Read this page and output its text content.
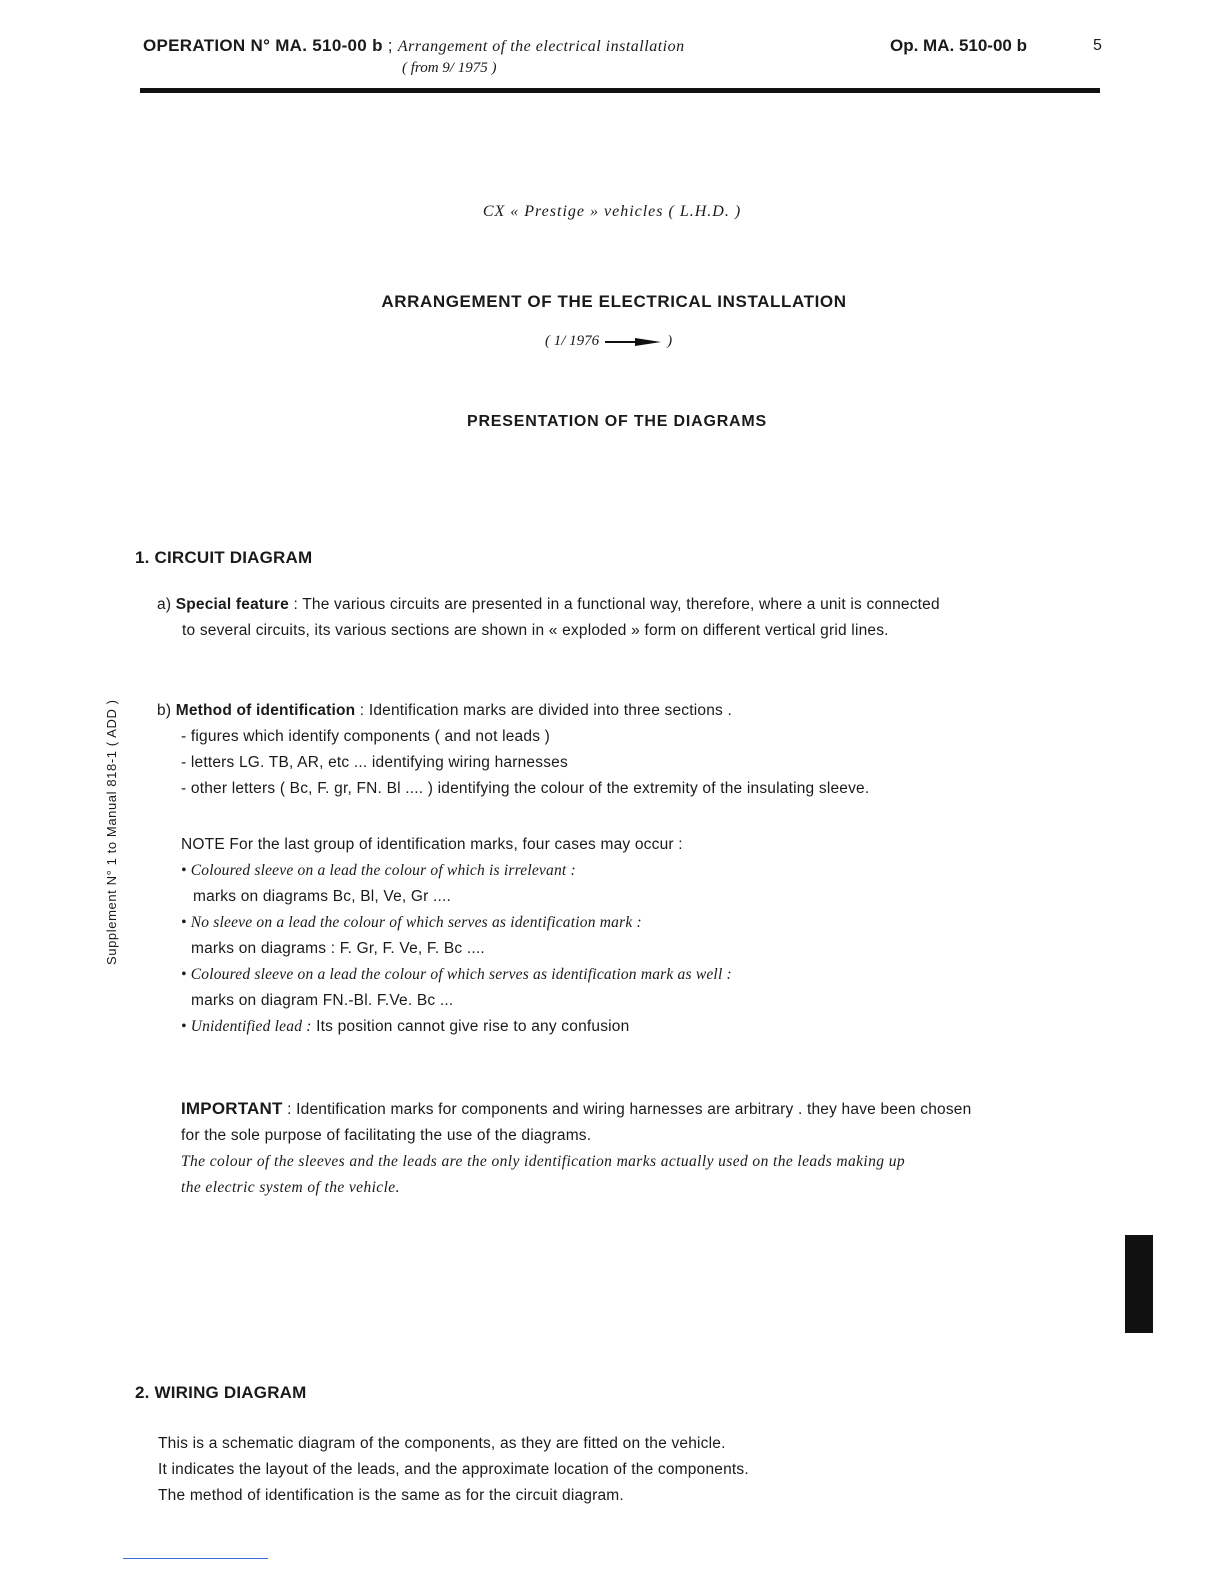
OPERATION N° MA. 510-00 b ; Arrangement of the electrical installation
( from 9/ 1975 )
Op. MA. 510-00 b	5
CX « Prestige » vehicles ( L.H.D. )
ARRANGEMENT OF THE ELECTRICAL INSTALLATION
( 1/ 1976	)
PRESENTATION OF THE DIAGRAMS
Supplement N° 1 to Manual 818-1 ( ADD )
1. CIRCUIT DIAGRAM
a) Special feature : The various circuits are presented in a functional way, therefore, where a unit is connected
to several circuits, its various sections are shown in « exploded » form on different vertical grid lines.
b) Method of identification : Identification marks are divided into three sections .
- figures which identify components ( and not leads )
- letters LG. TB, AR, etc ... identifying wiring harnesses
- other letters ( Bc, F. gr, FN. Bl .... ) identifying the colour of the extremity of the insulating sleeve.
NOTE For the last group of identification marks, four cases may occur :
• Coloured sleeve on a lead the colour of which is irrelevant :
marks on diagrams Bc, Bl, Ve, Gr ....
• No sleeve on a lead the colour of which serves as identification mark :
marks on diagrams : F. Gr, F. Ve, F. Bc ....
• Coloured sleeve on a lead the colour of which serves as identification mark as well :
marks on diagram FN.-Bl. F.Ve. Bc ...
• Unidentified lead : Its position cannot give rise to any confusion
IMPORTANT : Identification marks for components and wiring harnesses are arbitrary . they have been chosen
for the sole purpose of facilitating the use of the diagrams.
The colour of the sleeves and the leads are the only identification marks actually used on the leads making up
the electric system of the vehicle.
2. WIRING DIAGRAM
This is a schematic diagram of the components, as they are fitted on the vehicle.
It indicates the layout of the leads, and the approximate location of the components.
The method of identification is the same as for the circuit diagram.
